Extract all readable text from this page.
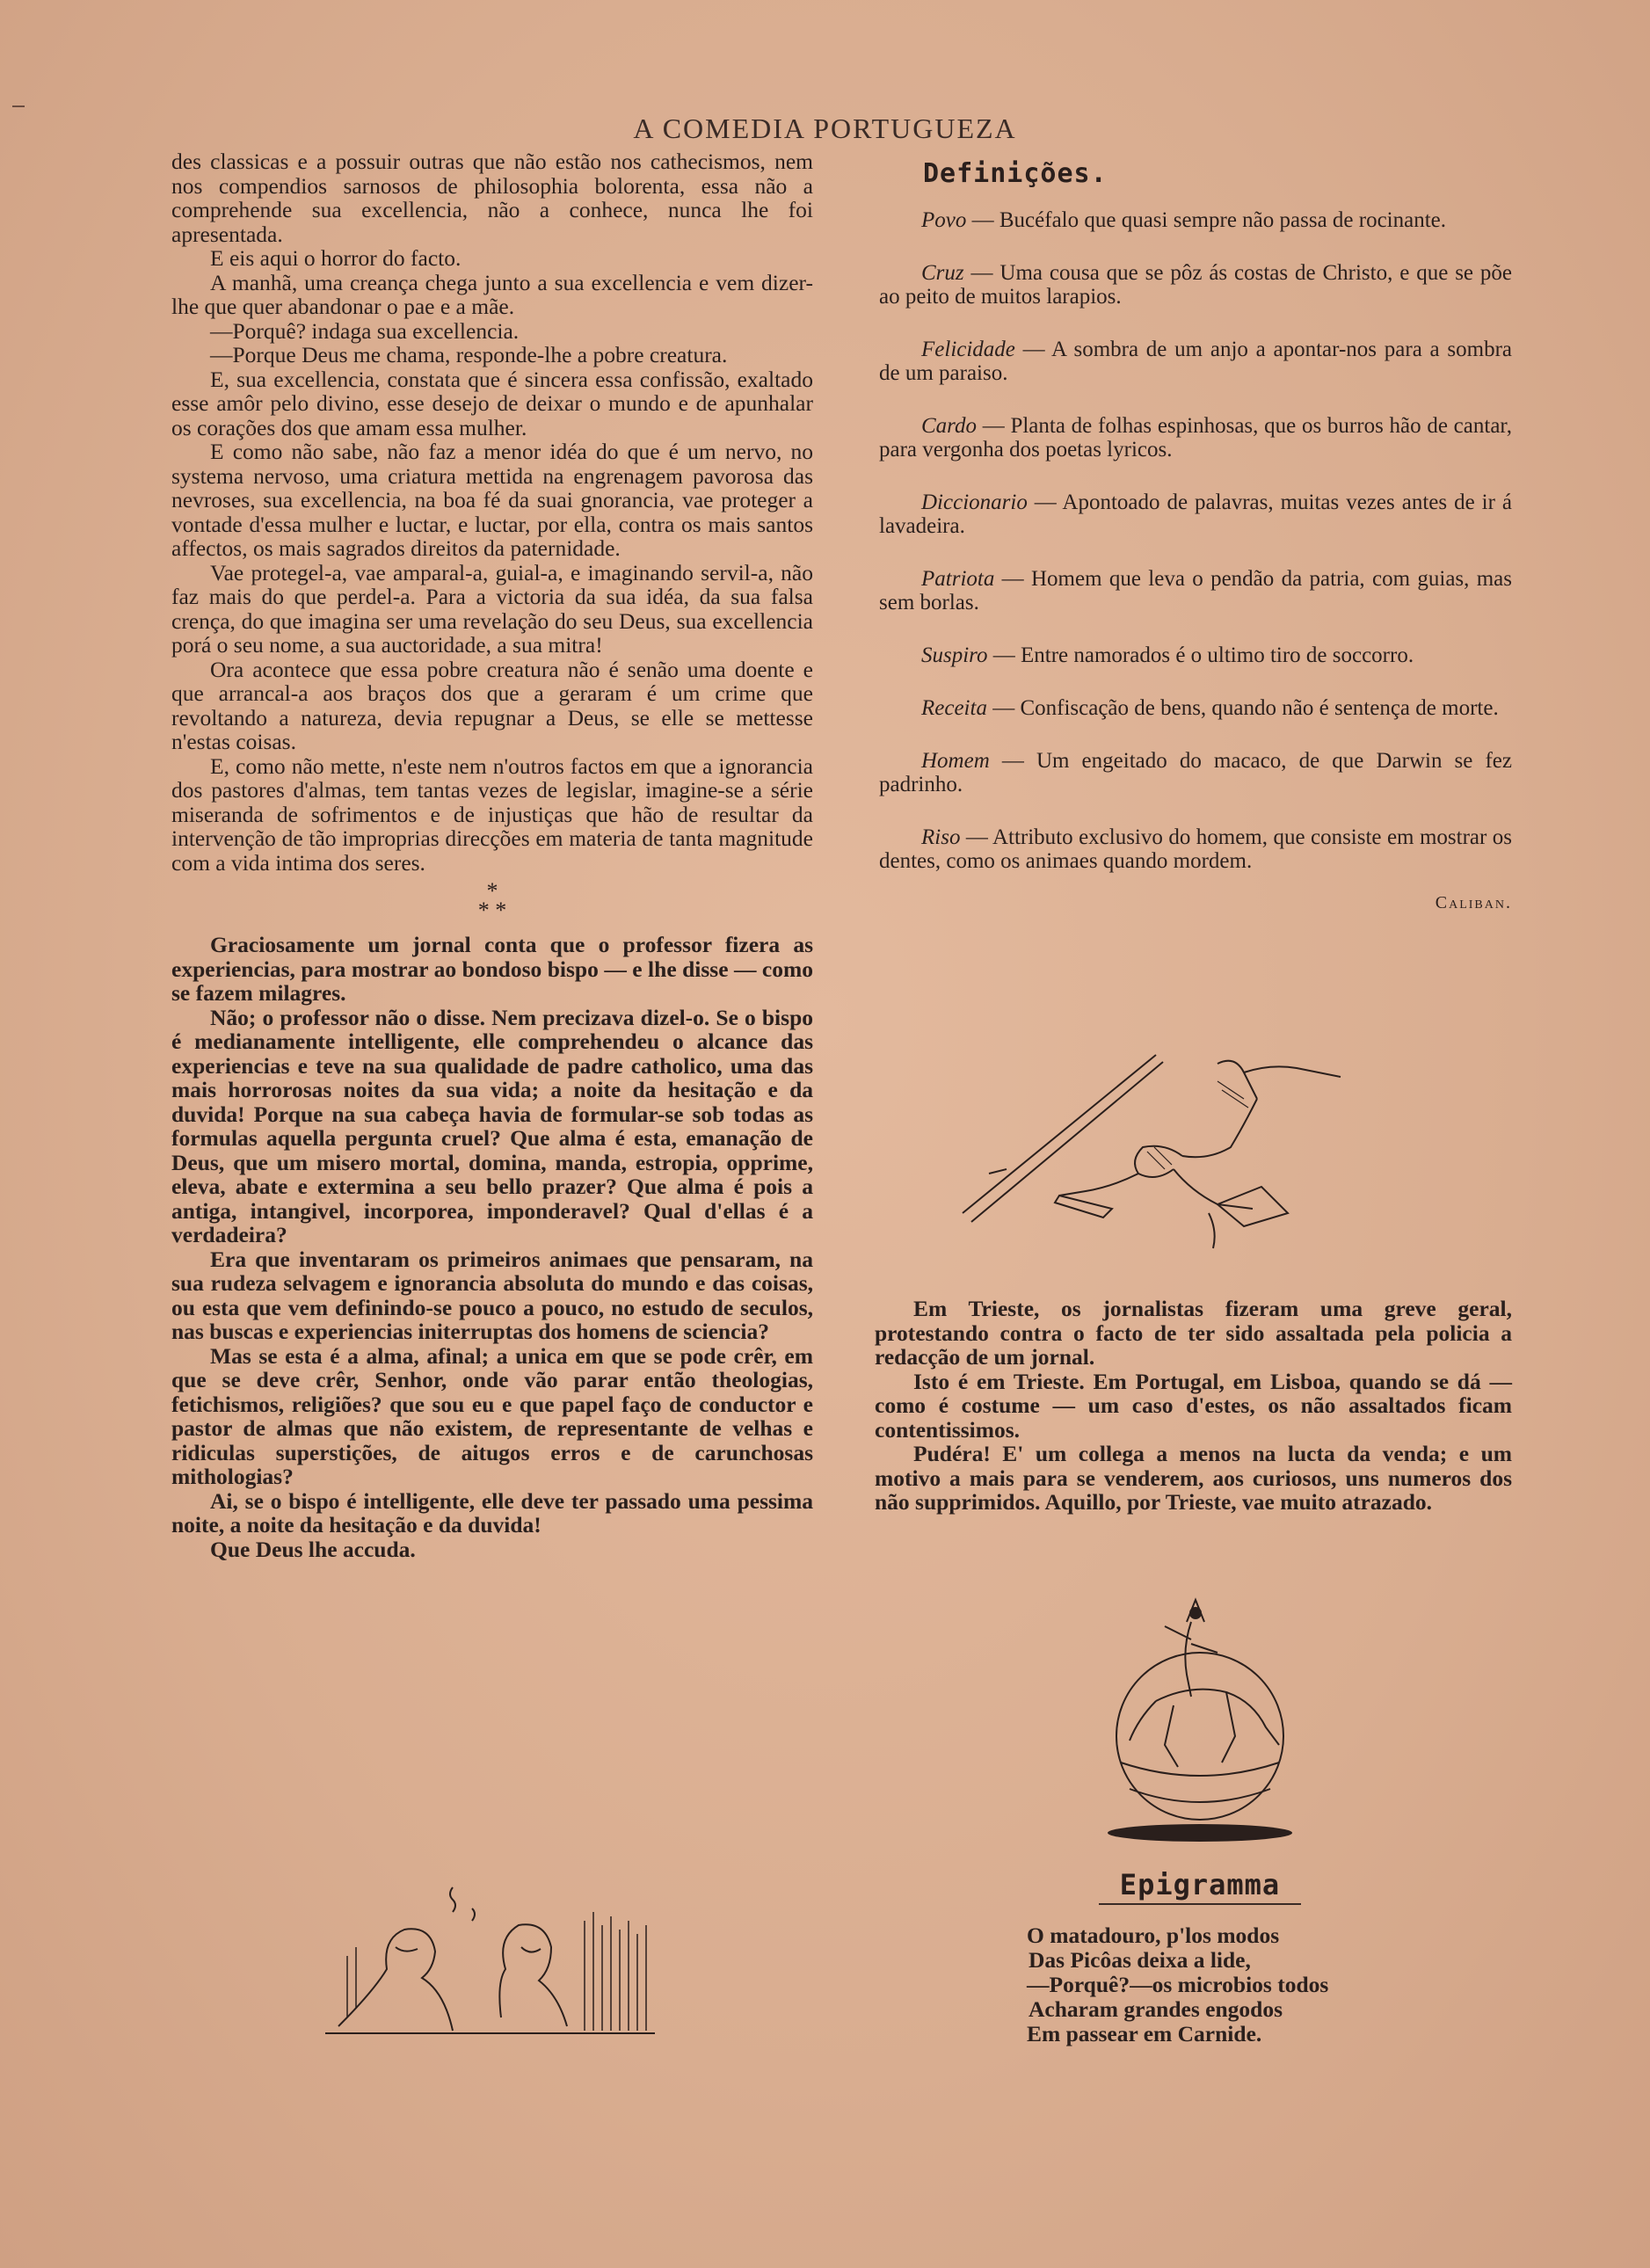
A COMEDIA PORTUGUEZA

des classicas e a possuir outras que não estão nos cathecismos, nem nos compendios sarnosos de philosophia bolorenta, essa não a comprehende sua excellencia, não a conhece, nunca lhe foi apresentada.

E eis aqui o horror do facto.

A manhã, uma creança chega junto a sua excellencia e vem dizer-lhe que quer abandonar o pae e a mãe.

—Porquê? indaga sua excellencia.

—Porque Deus me chama, responde-lhe a pobre creatura.

E, sua excellencia, constata que é sincera essa confissão, exaltado esse amôr pelo divino, esse desejo de deixar o mundo e de apunhalar os corações dos que amam essa mulher.

E como não sabe, não faz a menor idéa do que é um nervo, no systema nervoso, uma criatura mettida na engrenagem pavorosa das nevroses, sua excellencia, na boa fé da suai gnorancia, vae proteger a vontade d'essa mulher e luctar, e luctar, por ella, contra os mais santos affectos, os mais sagrados direitos da paternidade.

Vae protegel-a, vae amparal-a, guial-a, e imaginando servil-a, não faz mais do que perdel-a. Para a victoria da sua idéa, da sua falsa crença, do que imagina ser uma revelação do seu Deus, sua excellencia porá o seu nome, a sua auctoridade, a sua mitra!

Ora acontece que essa pobre creatura não é senão uma doente e que arrancal-a aos braços dos que a geraram é um crime que revoltando a natureza, devia repugnar a Deus, se elle se mettesse n'estas coisas.

E, como não mette, n'este nem n'outros factos em que a ignorancia dos pastores d'almas, tem tantas vezes de legislar, imagine-se a série miseranda de sofrimentos e de injustiças que hão de resultar da intervenção de tão improprias direcções em materia de tanta magnitude com a vida intima dos seres.

*
* *

Graciosamente um jornal conta que o professor fizera as experiencias, para mostrar ao bondoso bispo — e lhe disse — como se fazem milagres.

Não; o professor não o disse. Nem precizava dizel-o. Se o bispo é medianamente intelligente, elle comprehendeu o alcance das experiencias e teve na sua qualidade de padre catholico, uma das mais horrorosas noites da sua vida; a noite da hesitação e da duvida! Porque na sua cabeça havia de formular-se sob todas as formulas aquella pergunta cruel? Que alma é esta, emanação de Deus, que um misero mortal, domina, manda, estropia, opprime, eleva, abate e extermina a seu bello prazer? Que alma é pois a antiga, intangivel, incorporea, imponderavel? Qual d'ellas é a verdadeira?

Era que inventaram os primeiros animaes que pensaram, na sua rudeza selvagem e ignorancia absoluta do mundo e das coisas, ou esta que vem definindo-se pouco a pouco, no estudo de seculos, nas buscas e experiencias initerruptas dos homens de sciencia?

Mas se esta é a alma, afinal; a unica em que se pode crêr, em que se deve crêr, Senhor, onde vão parar então theologias, fetichismos, religiões? que sou eu e que papel faço de conductor e pastor de almas que não existem, de representante de velhas e ridiculas superstições, de aitugos erros e de carunchosas mithologias?

Ai, se o bispo é intelligente, elle deve ter passado uma pessima noite, a noite da hesitação e da duvida!

Que Deus lhe accuda.

Definições.
Povo — Bucéfalo que quasi sempre não passa de rocinante.
Cruz — Uma cousa que se pôz ás costas de Christo, e que se põe ao peito de muitos larapios.
Felicidade — A sombra de um anjo a apontar-nos para a sombra de um paraiso.
Cardo — Planta de folhas espinhosas, que os burros hão de cantar, para vergonha dos poetas lyricos.
Diccionario — Apontoado de palavras, muitas vezes antes de ir á lavadeira.
Patriota — Homem que leva o pendão da patria, com guias, mas sem borlas.
Suspiro — Entre namorados é o ultimo tiro de soccorro.
Receita — Confiscação de bens, quando não é sentença de morte.
Homem — Um engeitado do macaco, de que Darwin se fez padrinho.
Riso — Attributo exclusivo do homem, que consiste em mostrar os dentes, como os animaes quando mordem.
Caliban.

Em Trieste, os jornalistas fizeram uma greve geral, protestando contra o facto de ter sido assaltada pela policia a redacção de um jornal.

Isto é em Trieste. Em Portugal, em Lisboa, quando se dá — como é costume — um caso d'estes, os não assaltados ficam contentissimos.

Pudéra! E' um collega a menos na lucta da venda; e um motivo a mais para se venderem, aos curiosos, uns numeros dos não supprimidos. Aquillo, por Trieste, vae muito atrazado.

Epigramma
O matadouro, p'los modos
Das Picôas deixa a lide,
—Porquê?—os microbios todos
Acharam grandes engodos
Em passear em Carnide.
